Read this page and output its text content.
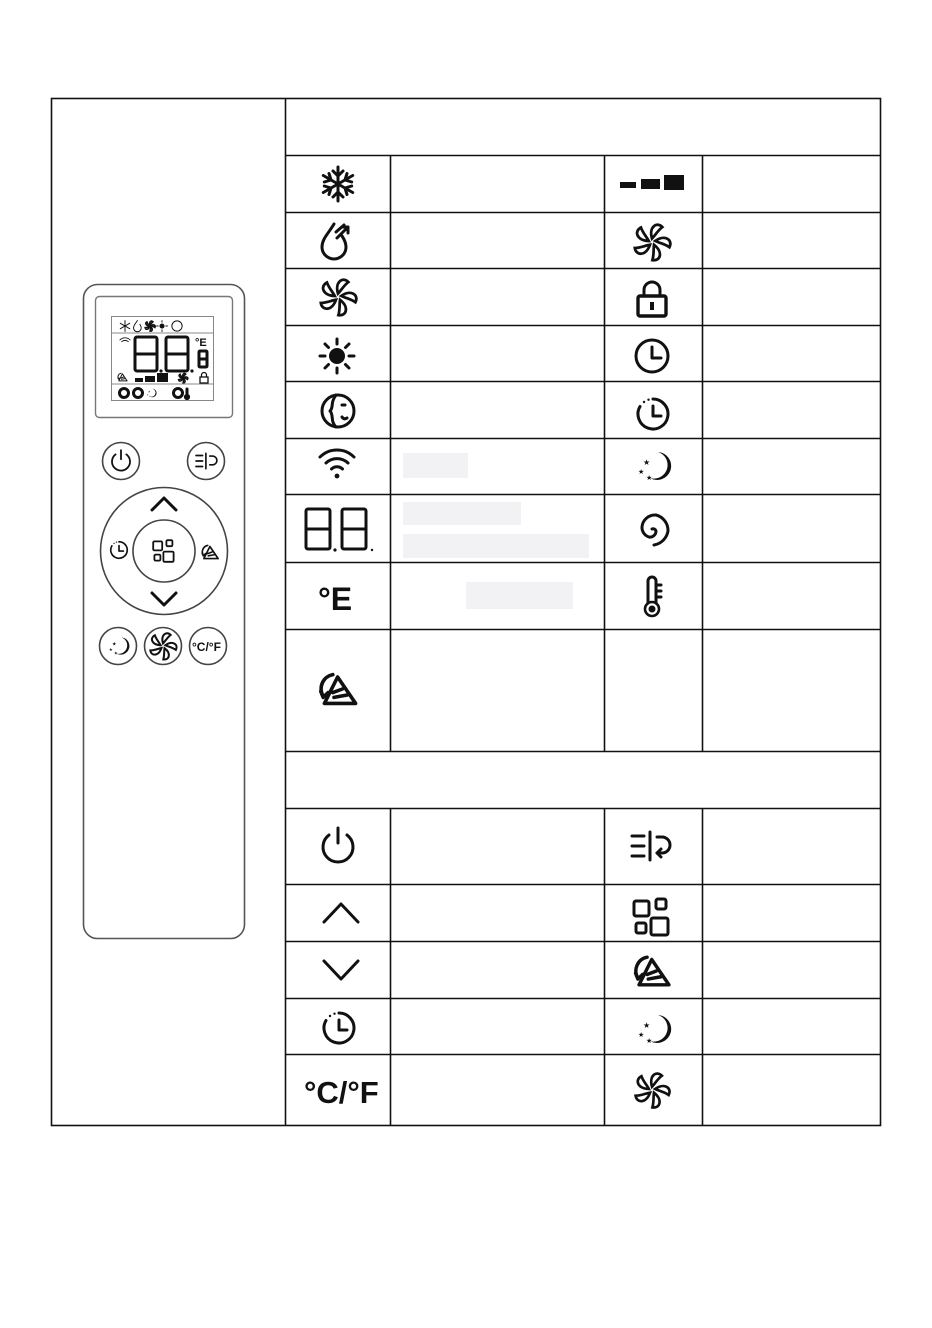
°E
°C/°F
°E
°C/°F
